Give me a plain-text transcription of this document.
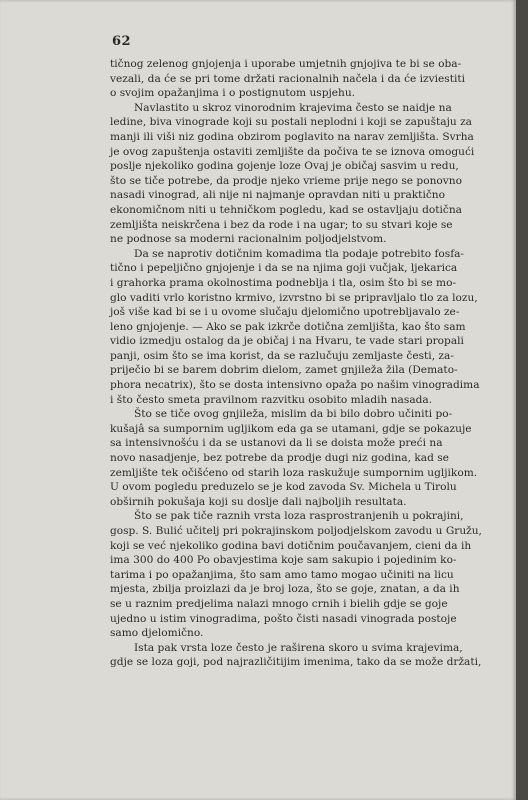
62
tičnog zelenog gnjojenja i uporabe umjetnih gnjojiva te bi se oba-
vezali, da će se pri tome držati racionalnih načela i da će izviestiti
o svojim opažanjima i o postignutom uspjehu.
Navlastito u skroz vinorodnim krajevima često se naidje na
ledine, biva vinograde koji su postali neplodni i koji se zapuštaju za
manji ili viši niz godina obzirom poglavito na narav zemljišta. Svrha
je ovog zapuštenja ostaviti zemljište da počiva te se iznova omogući
poslje njekoliko godina gojenje loze Ovaj je običaj sasvim u redu,
što se tiče potrebe, da prodje njeko vrieme prije nego se ponovno
nasadi vinograd, ali nije ni najmanje opravdan niti u praktično
ekonomičnom niti u tehničkom pogledu, kad se ostavljaju dotična
zemljišta neiskrčena i bez da rode i na ugar; to su stvari koje se
ne podnose sa moderni racionalnim poljodjelstvom.
Da se naprotiv dotičnim komadima tla podaje potrebito fosfa-
tično i pepeljično gnjojenje i da se na njima goji vučjak, ljekarica
i grahorka prama okolnostima podneblja i tla, osim što bi se mo-
glo vaditi vrlo koristno krmivo, izvrstno bi se pripravljalo tlo za lozu,
još više kad bi se i u ovome slučaju djelomično upotrebljavalo ze-
leno gnjojenje. — Ako se pak izkrče dotična zemljišta, kao što sam
vidio izmedju ostalog da je običaj i na Hvaru, te vade stari propali
panji, osim što se ima korist, da se razlučuju zemljaste česti, za-
priječio bi se barem dobrim dielom, zamet gnjileža žila (Demato-
phora necatrix), što se dosta intensivno opaža po našim vinogradima
i što često smeta pravilnom razvitku osobito mladih nasada.
Što se tiče ovog gnjileža, mislim da bi bilo dobro učiniti po-
kušajâ sa sumpornim ugljikom eda ga se utamani, gdje se pokazuje
sa intensivnošću i da se ustanovi da li se doista može preći na
novo nasadjenje, bez potrebe da prodje dugi niz godina, kad se
zemljište tek očišćeno od starih loza raskužuje sumpornim ugljikom.
U ovom pogledu preduzelo se je kod zavoda Sv. Michela u Tirolu
obširnih pokušaja koji su doslje dali najboljih resultata.
Što se pak tiče raznih vrsta loza rasprostranjenih u pokrajini,
gosp. S. Bulić učitelj pri pokrajinskom poljodjelskom zavodu u Gružu,
koji se već njekoliko godina bavi dotičnim poučavanjem, cieni da ih
ima 300 do 400 Po obavjestima koje sam sakupio i pojedinim ko-
tarima i po opažanjima, što sam amo tamo mogao učiniti na licu
mjesta, zbilja proizlazi da je broj loza, što se goje, znatan, a da ih
se u raznim predjelima nalazi mnogo crnih i bielih gdje se goje
ujedno u istim vinogradima, pošto čisti nasadi vinograda postoje
samo djelomično.
Ista pak vrsta loze često je raširena skoro u svima krajevima,
gdje se loza goji, pod najrazličitijim imenima, tako da se može držati,
